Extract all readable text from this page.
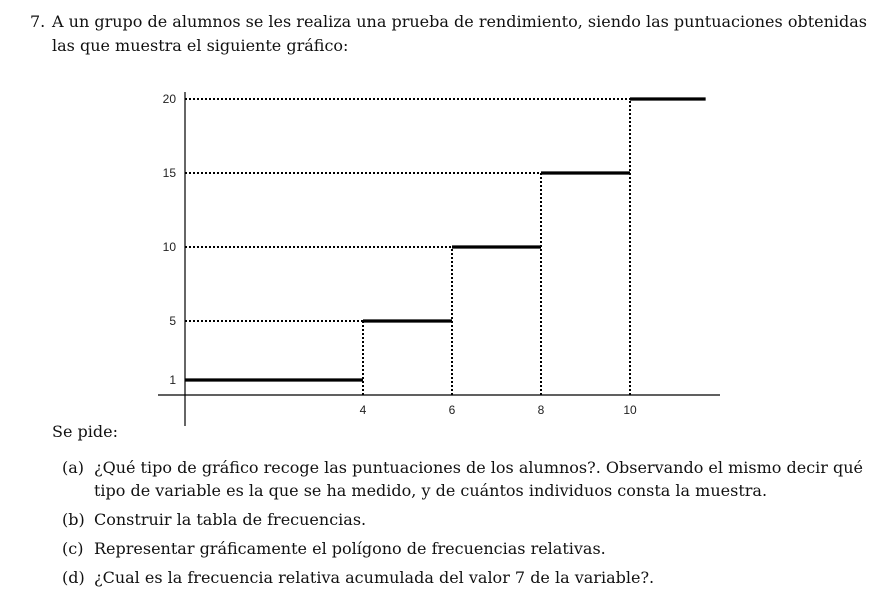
7. A un grupo de alumnos se les realiza una prueba de rendimiento, siendo las puntuaciones obtenidas
las que muestra el siguiente gráfico:
1
5
10
15
20
4	6	8	10
Se pide:
(a) ¿Qué tipo de gráfico recoge las puntuaciones de los alumnos?. Observando el mismo decir qué tipo de variable es la que se ha medido, y de cuántos individuos consta la muestra.
(b) Construir la tabla de frecuencias.
(c) Representar gráficamente el polígono de frecuencias relativas.
(d) ¿Cual es la frecuencia relativa acumulada del valor 7 de la variable?.
